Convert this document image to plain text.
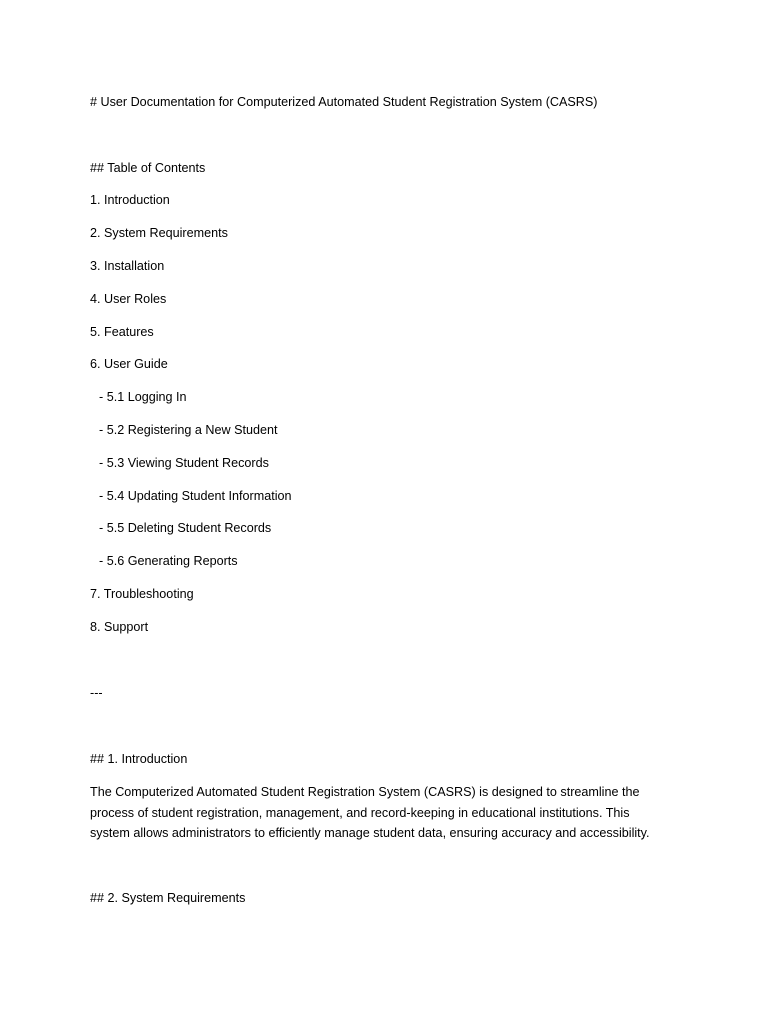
# User Documentation for Computerized Automated Student Registration System (CASRS)
## Table of Contents
1. Introduction
2. System Requirements
3. Installation
4. User Roles
5. Features
6. User Guide
- 5.1 Logging In
- 5.2 Registering a New Student
- 5.3 Viewing Student Records
- 5.4 Updating Student Information
- 5.5 Deleting Student Records
- 5.6 Generating Reports
7. Troubleshooting
8. Support
---
## 1. Introduction
The Computerized Automated Student Registration System (CASRS) is designed to streamline the
process of student registration, management, and record-keeping in educational institutions. This
system allows administrators to efficiently manage student data, ensuring accuracy and accessibility.
## 2. System Requirements
